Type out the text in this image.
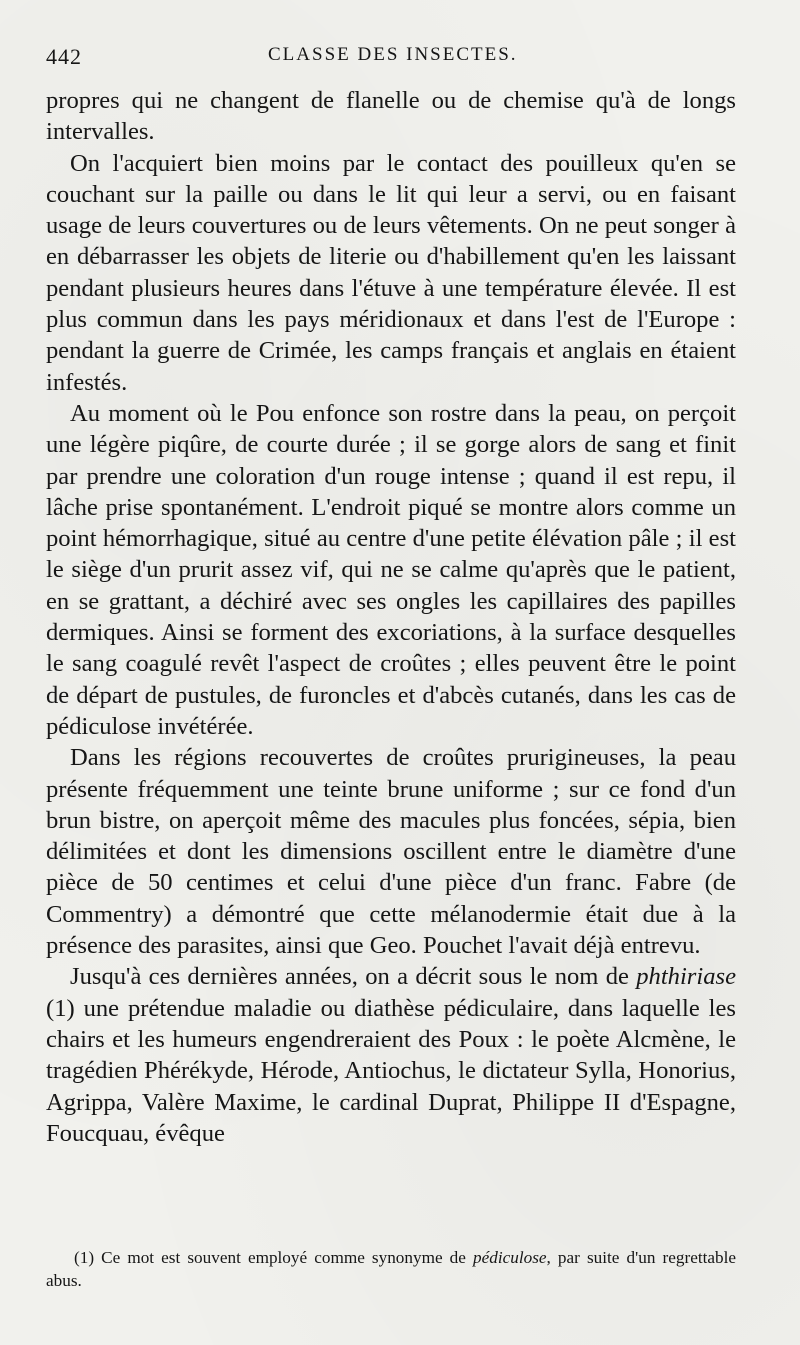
442	CLASSE DES INSECTES.

propres qui ne changent de flanelle ou de chemise qu'à de longs intervalles.

On l'acquiert bien moins par le contact des pouilleux qu'en se couchant sur la paille ou dans le lit qui leur a servi, ou en faisant usage de leurs couvertures ou de leurs vêtements. On ne peut songer à en débarrasser les objets de literie ou d'habillement qu'en les laissant pendant plusieurs heures dans l'étuve à une température élevée. Il est plus commun dans les pays méridionaux et dans l'est de l'Europe : pendant la guerre de Crimée, les camps français et anglais en étaient infestés.

Au moment où le Pou enfonce son rostre dans la peau, on perçoit une légère piqûre, de courte durée ; il se gorge alors de sang et finit par prendre une coloration d'un rouge intense ; quand il est repu, il lâche prise spontanément. L'endroit piqué se montre alors comme un point hémorrhagique, situé au centre d'une petite élévation pâle ; il est le siège d'un prurit assez vif, qui ne se calme qu'après que le patient, en se grattant, a déchiré avec ses ongles les capillaires des papilles dermiques. Ainsi se forment des excoriations, à la surface desquelles le sang coagulé revêt l'aspect de croûtes ; elles peuvent être le point de départ de pustules, de furoncles et d'abcès cutanés, dans les cas de pédiculose invétérée.

Dans les régions recouvertes de croûtes prurigineuses, la peau présente fréquemment une teinte brune uniforme ; sur ce fond d'un brun bistre, on aperçoit même des macules plus foncées, sépia, bien délimitées et dont les dimensions oscillent entre le diamètre d'une pièce de 50 centimes et celui d'une pièce d'un franc. Fabre (de Commentry) a démontré que cette mélanodermie était due à la présence des parasites, ainsi que Geo. Pouchet l'avait déjà entrevu.

Jusqu'à ces dernières années, on a décrit sous le nom de phthiriase (1) une prétendue maladie ou diathèse pédiculaire, dans laquelle les chairs et les humeurs engendreraient des Poux : le poète Alcmène, le tragédien Phérékyde, Hérode, Antiochus, le dictateur Sylla, Honorius, Agrippa, Valère Maxime, le cardinal Duprat, Philippe II d'Espagne, Foucquau, évêque

(1) Ce mot est souvent employé comme synonyme de pédiculose, par suite d'un regrettable abus.
